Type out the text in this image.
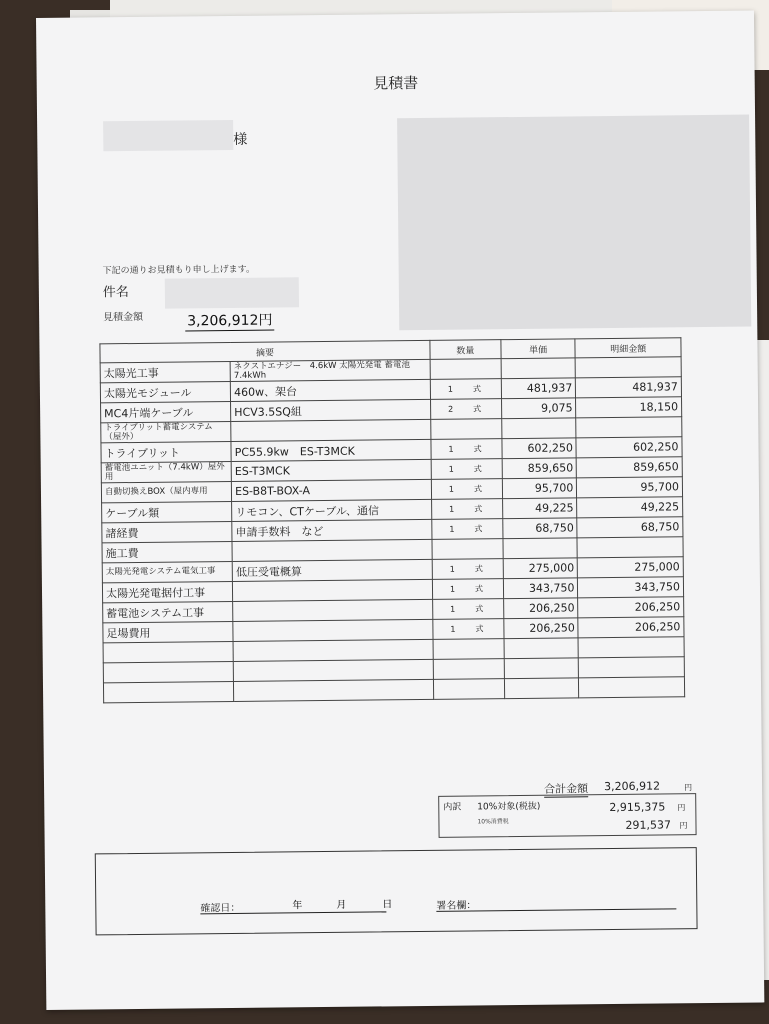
見積書
様
下記の通りお見積もり申し上げます。
件名
見積金額	3,206,912円
摘要		数量	単価	明細金額
太陽光工事	ネクストエナジー　4.6kW 太陽光発電 蓄電池7.4kWh			
太陽光モジュール	460w、架台	1 式	481,937	481,937
MC4片端ケーブル	HCV3.5SQ組	2 式	9,075	18,150
トライブリット蓄電システム（屋外）				
トライブリット	PC55.9kw　ES-T3MCK	1 式	602,250	602,250
蓄電池ユニット（7.4kW）屋外用	ES-T3MCK	1 式	859,650	859,650
自動切換えBOX（屋内専用	ES-B8T-BOX-A	1 式	95,700	95,700
ケーブル類	リモコン、CTケーブル、通信	1 式	49,225	49,225
諸経費	申請手数料　など	1 式	68,750	68,750
施工費				
太陽光発電システム電気工事	低圧受電概算	1 式	275,000	275,000
太陽光発電据付工事		1 式	343,750	343,750
蓄電池システム工事		1 式	206,250	206,250
足場費用		1 式	206,250	206,250

合計金額 3,206,912	円
内訳 10%対象(税抜)	2,915,375 円
10%消費税	291,537 円
確認日：	年	月	日	署名欄：
